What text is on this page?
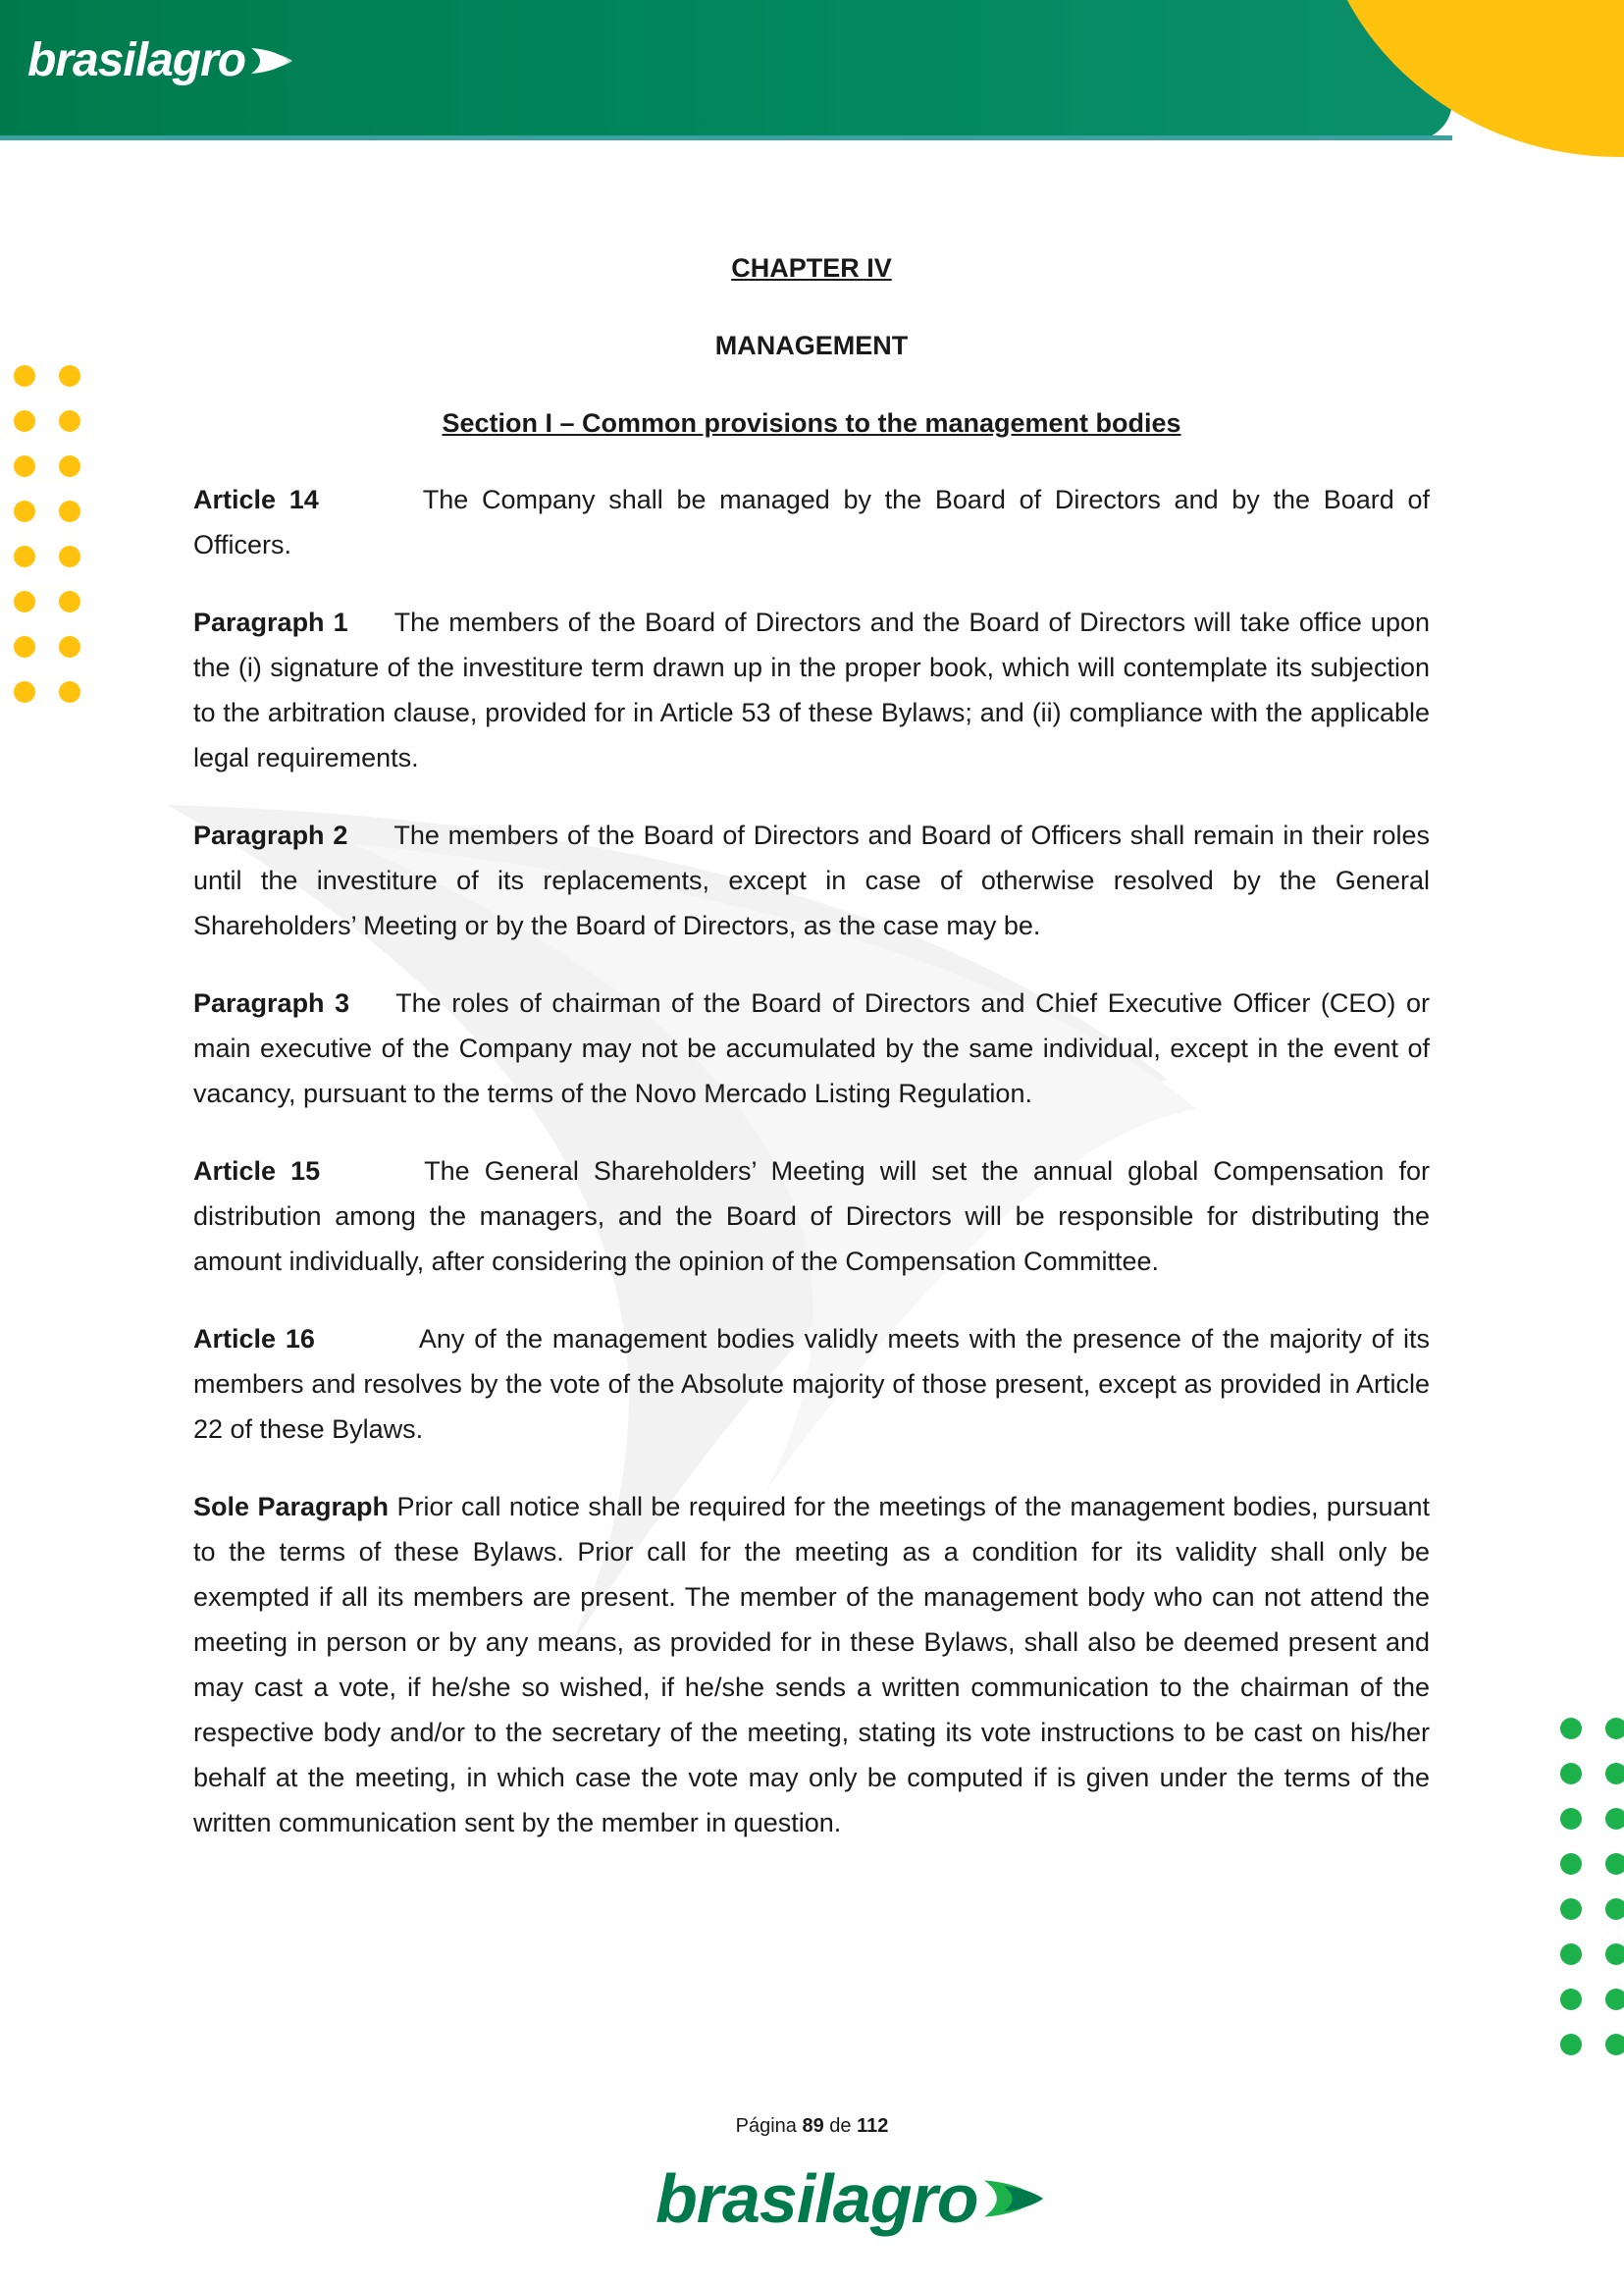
brasilagro

CHAPTER IV

MANAGEMENT

Section I – Common provisions to the management bodies

Article 14	The Company shall be managed by the Board of Directors and by the Board of Officers.

Paragraph 1 The members of the Board of Directors and the Board of Directors will take office upon the (i) signature of the investiture term drawn up in the proper book, which will contemplate its subjection to the arbitration clause, provided for in Article 53 of these Bylaws; and (ii) compliance with the applicable legal requirements.

Paragraph 2 The members of the Board of Directors and Board of Officers shall remain in their roles until the investiture of its replacements, except in case of otherwise resolved by the General Shareholders’ Meeting or by the Board of Directors, as the case may be.

Paragraph 3 The roles of chairman of the Board of Directors and Chief Executive Officer (CEO) or main executive of the Company may not be accumulated by the same individual, except in the event of vacancy, pursuant to the terms of the Novo Mercado Listing Regulation.

Article 15	The General Shareholders’ Meeting will set the annual global Compensation for distribution among the managers, and the Board of Directors will be responsible for distributing the amount individually, after considering the opinion of the Compensation Committee.

Article 16	Any of the management bodies validly meets with the presence of the majority of its members and resolves by the vote of the Absolute majority of those present, except as provided in Article 22 of these Bylaws.

Sole Paragraph Prior call notice shall be required for the meetings of the management bodies, pursuant to the terms of these Bylaws. Prior call for the meeting as a condition for its validity shall only be exempted if all its members are present. The member of the management body who can not attend the meeting in person or by any means, as provided for in these Bylaws, shall also be deemed present and may cast a vote, if he/she so wished, if he/she sends a written communication to the chairman of the respective body and/or to the secretary of the meeting, stating its vote instructions to be cast on his/her behalf at the meeting, in which case the vote may only be computed if is given under the terms of the written communication sent by the member in question.

Página 89 de 112
brasilagro
